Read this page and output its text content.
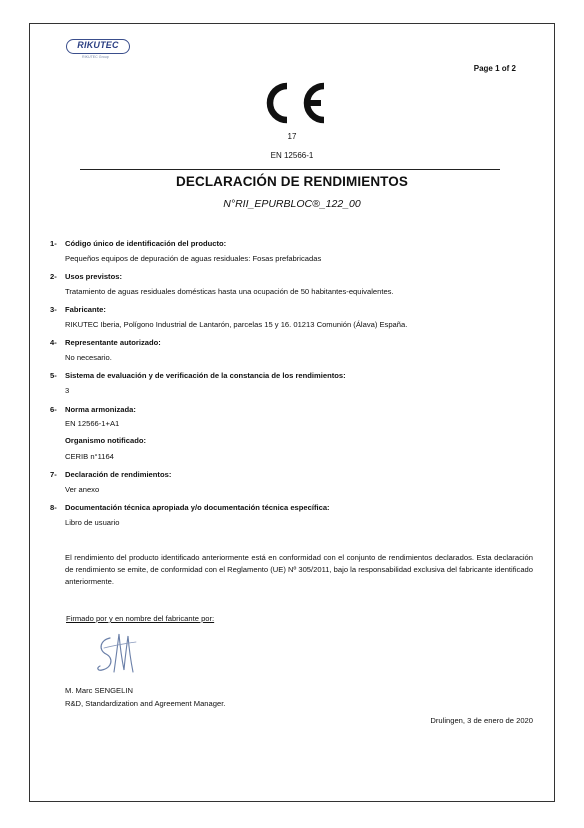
RIKUTEC
RIKUTEC Group
Page 1 of 2
17
EN 12566-1
DECLARACIÓN DE RENDIMIENTOS
N°RII_EPURBLOC®_122_00
1- Código único de identificación del producto:
Pequeños equipos de depuración de aguas residuales: Fosas prefabricadas
2- Usos previstos:
Tratamiento de aguas residuales domésticas hasta una ocupación de 50 habitantes-equivalentes.
3- Fabricante:
RIKUTEC Iberia, Polígono Industrial de Lantarón, parcelas 15 y 16. 01213 Comunión (Álava) España.
4- Representante autorizado:
No necesario.
5- Sistema de evaluación y de verificación de la constancia de los rendimientos:
3
6- Norma armonizada:
EN 12566-1+A1
Organismo notificado:
CERIB n°1164
7- Declaración de rendimientos:
Ver anexo
8- Documentación técnica apropiada y/o documentación técnica específica:
Libro de usuario
El rendimiento del producto identificado anteriormente está en conformidad con el conjunto de rendimientos declarados. Esta declaración de rendimiento se emite, de conformidad con el Reglamento (UE) Nº 305/2011, bajo la responsabilidad exclusiva del fabricante identificado anteriormente.
Firmado por y en nombre del fabricante por:
M. Marc SENGELIN
R&D, Standardization and Agreement Manager.
Drulingen, 3 de enero de 2020
